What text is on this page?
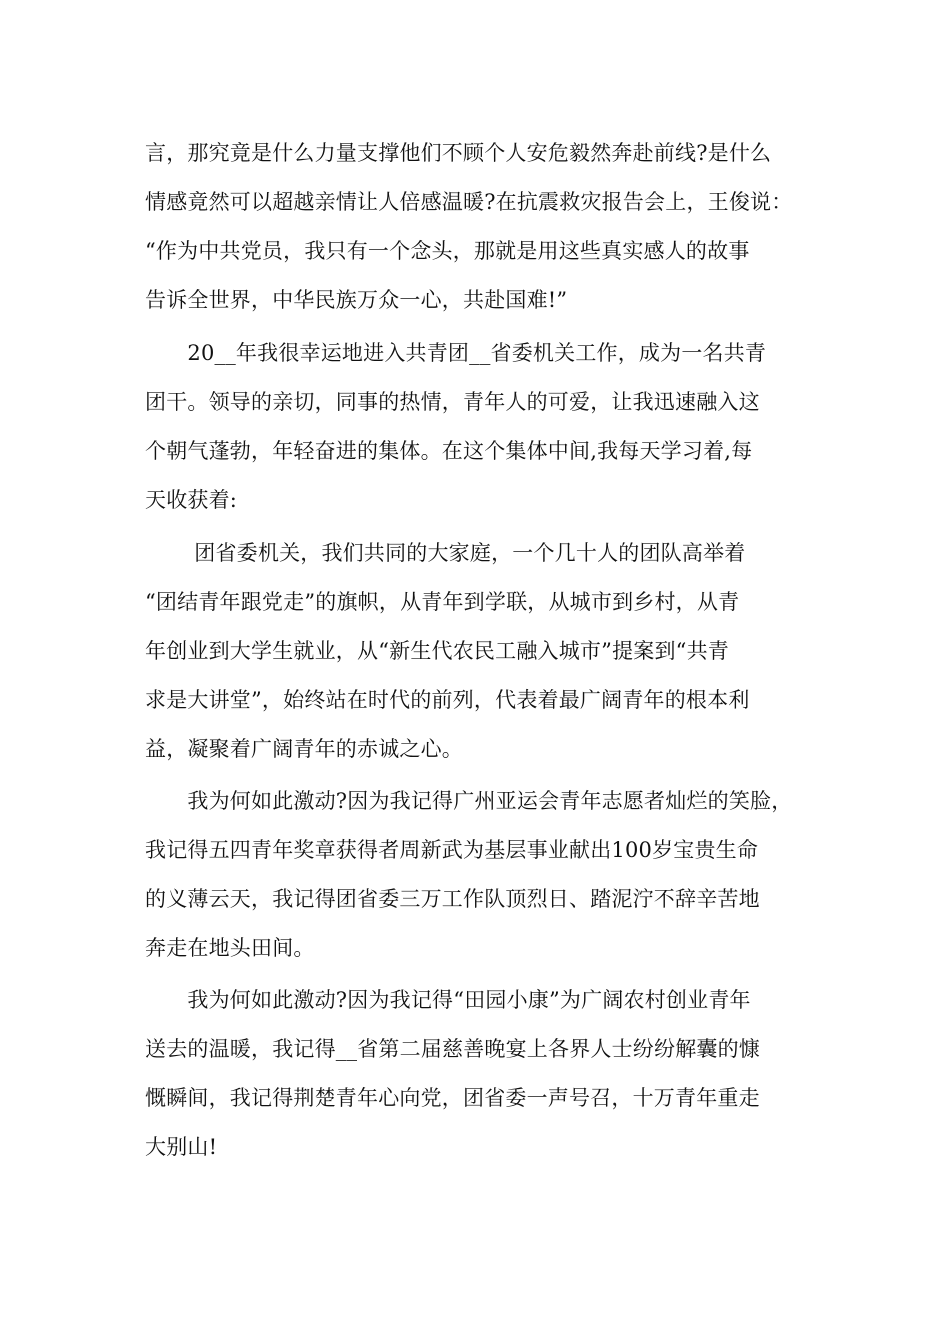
言，那究竟是什么力量支撑他们不顾个人安危毅然奔赴前线?是什么
情感竟然可以超越亲情让人倍感温暖?在抗震救灾报告会上，王俊说：
“作为中共党员，我只有一个念头，那就是用这些真实感人的故事
告诉全世界，中华民族万众一心，共赴国难!”
　　20__年我很幸运地进入共青团__省委机关工作，成为一名共青
团干。领导的亲切，同事的热情，青年人的可爱，让我迅速融入这
个朝气蓬勃，年轻奋进的集体。在这个集体中间,我每天学习着,每
天收获着:
　　 团省委机关，我们共同的大家庭，一个几十人的团队高举着
“团结青年跟党走”的旗帜，从青年到学联，从城市到乡村，从青
年创业到大学生就业，从“新生代农民工融入城市”提案到“共青
求是大讲堂”，始终站在时代的前列，代表着最广阔青年的根本利
益，凝聚着广阔青年的赤诚之心。
　　我为何如此激动?因为我记得广州亚运会青年志愿者灿烂的笑脸，
我记得五四青年奖章获得者周新武为基层事业献出100岁宝贵生命
的义薄云天，我记得团省委三万工作队顶烈日、踏泥泞不辞辛苦地
奔走在地头田间。
　　我为何如此激动?因为我记得“田园小康”为广阔农村创业青年
送去的温暖，我记得__省第二届慈善晚宴上各界人士纷纷解囊的慷
慨瞬间，我记得荆楚青年心向党，团省委一声号召，十万青年重走
大别山!
